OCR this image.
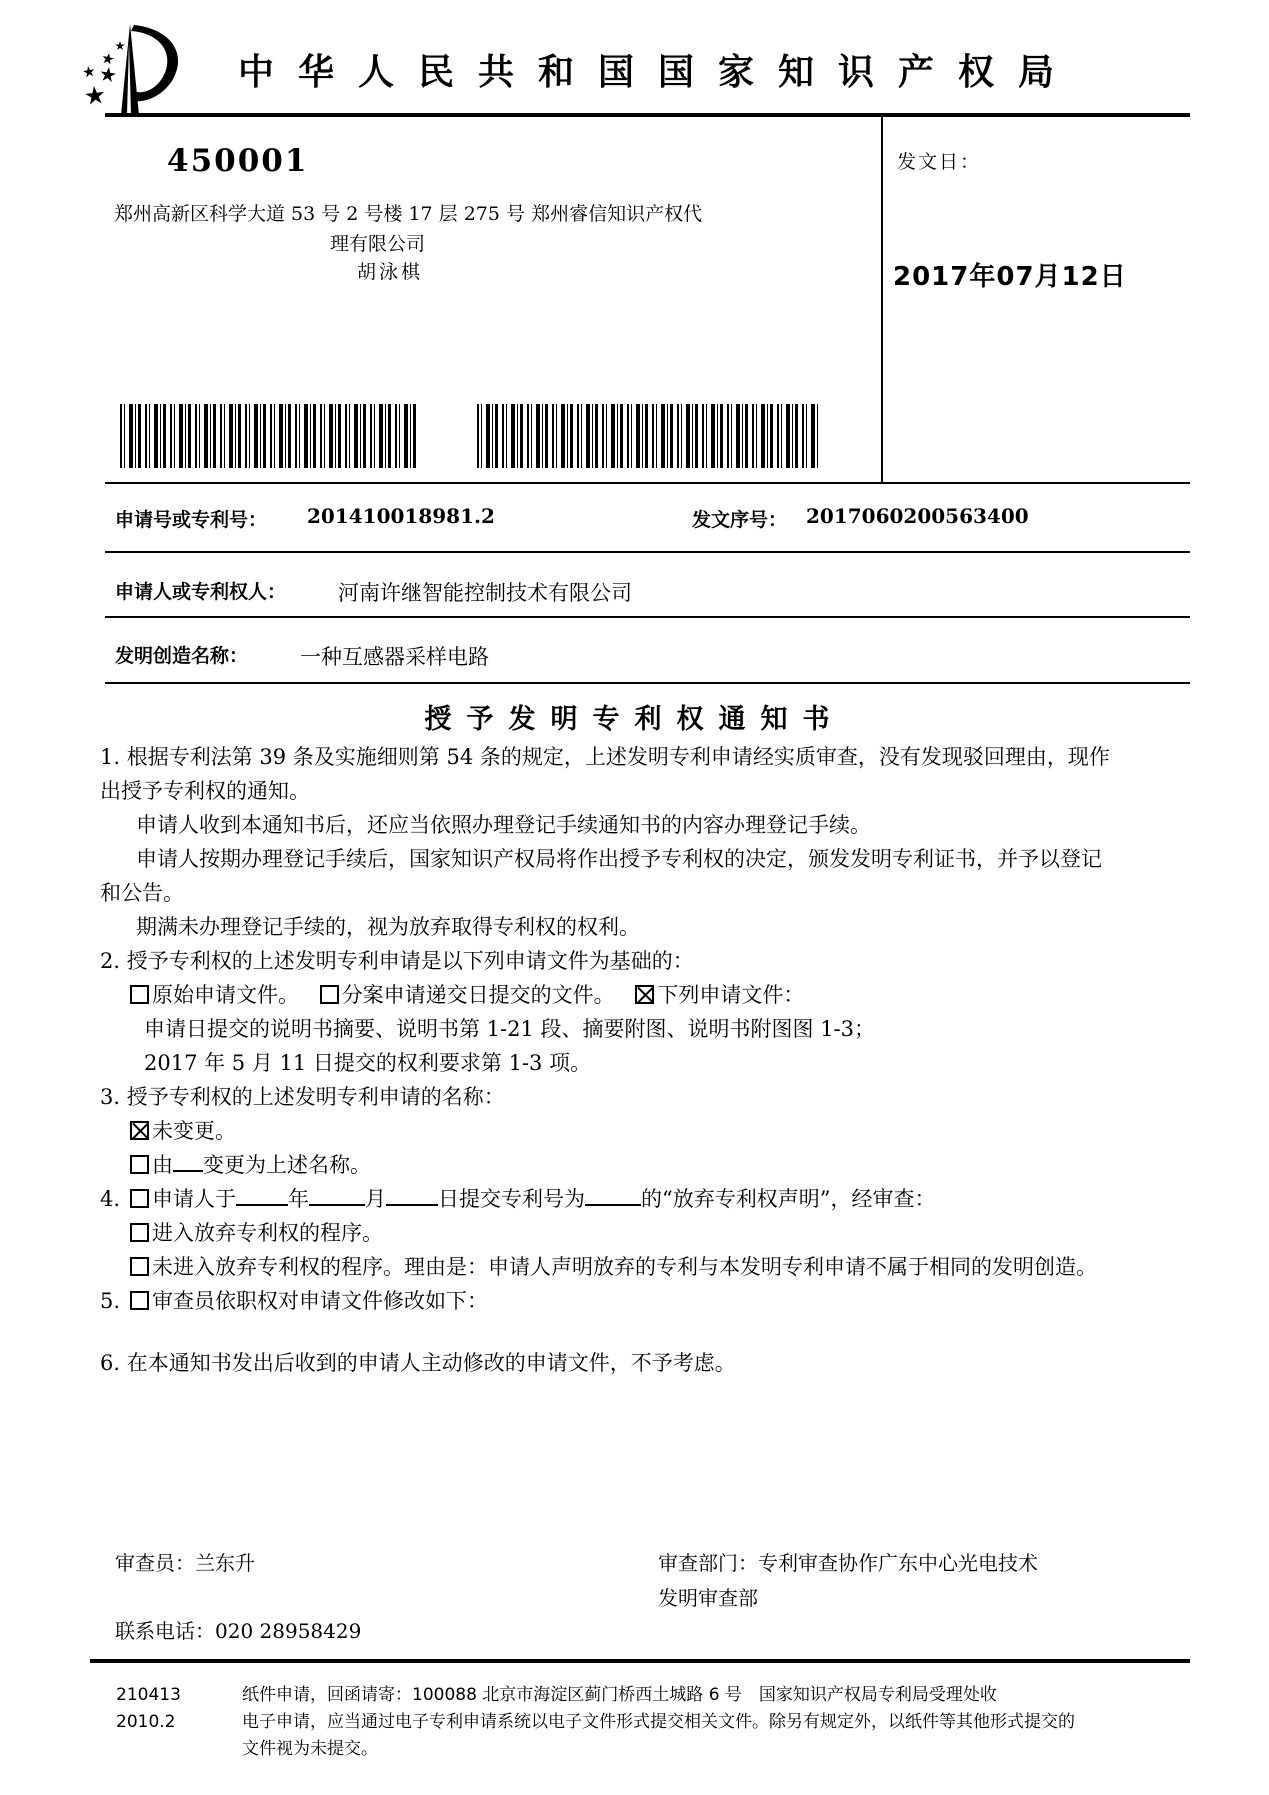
中华人民共和国国家知识产权局
发文日：
2017年07月12日
450001
郑州高新区科学大道 53 号 2 号楼 17 层 275 号 郑州睿信知识产权代
理有限公司
胡泳棋
申请号或专利号： 201410018981.2	发文序号： 2017060200563400
申请人或专利权人： 河南许继智能控制技术有限公司
发明创造名称： 一种互感器采样电路
授予发明专利权通知书
1. 根据专利法第 39 条及实施细则第 54 条的规定，上述发明专利申请经实质审查，没有发现驳回理由，现作
出授予专利权的通知。
申请人收到本通知书后，还应当依照办理登记手续通知书的内容办理登记手续。
申请人按期办理登记手续后，国家知识产权局将作出授予专利权的决定，颁发发明专利证书，并予以登记
和公告。
期满未办理登记手续的，视为放弃取得专利权的权利。
2. 授予专利权的上述发明专利申请是以下列申请文件为基础的：
原始申请文件。 分案申请递交日提交的文件。 下列申请文件：
申请日提交的说明书摘要、说明书第 1-21 段、摘要附图、说明书附图图 1-3；
2017 年 5 月 11 日提交的权利要求第 1-3 项。
3. 授予专利权的上述发明专利申请的名称：
未变更。
由 变更为上述名称。
4. 申请人于 年	月 日提交专利号为	的“放弃专利权声明”，经审查：
进入放弃专利权的程序。
未进入放弃专利权的程序。理由是：申请人声明放弃的专利与本发明专利申请不属于相同的发明创造。
5. 审查员依职权对申请文件修改如下：
6. 在本通知书发出后收到的申请人主动修改的申请文件，不予考虑。
审查员：兰东升	审查部门：专利审查协作广东中心光电技术
发明审查部
联系电话：020 28958429
210413
2010.2
纸件申请，回函请寄：100088 北京市海淀区蓟门桥西土城路 6 号　国家知识产权局专利局受理处收
电子申请，应当通过电子专利申请系统以电子文件形式提交相关文件。除另有规定外，以纸件等其他形式提交的
文件视为未提交。
